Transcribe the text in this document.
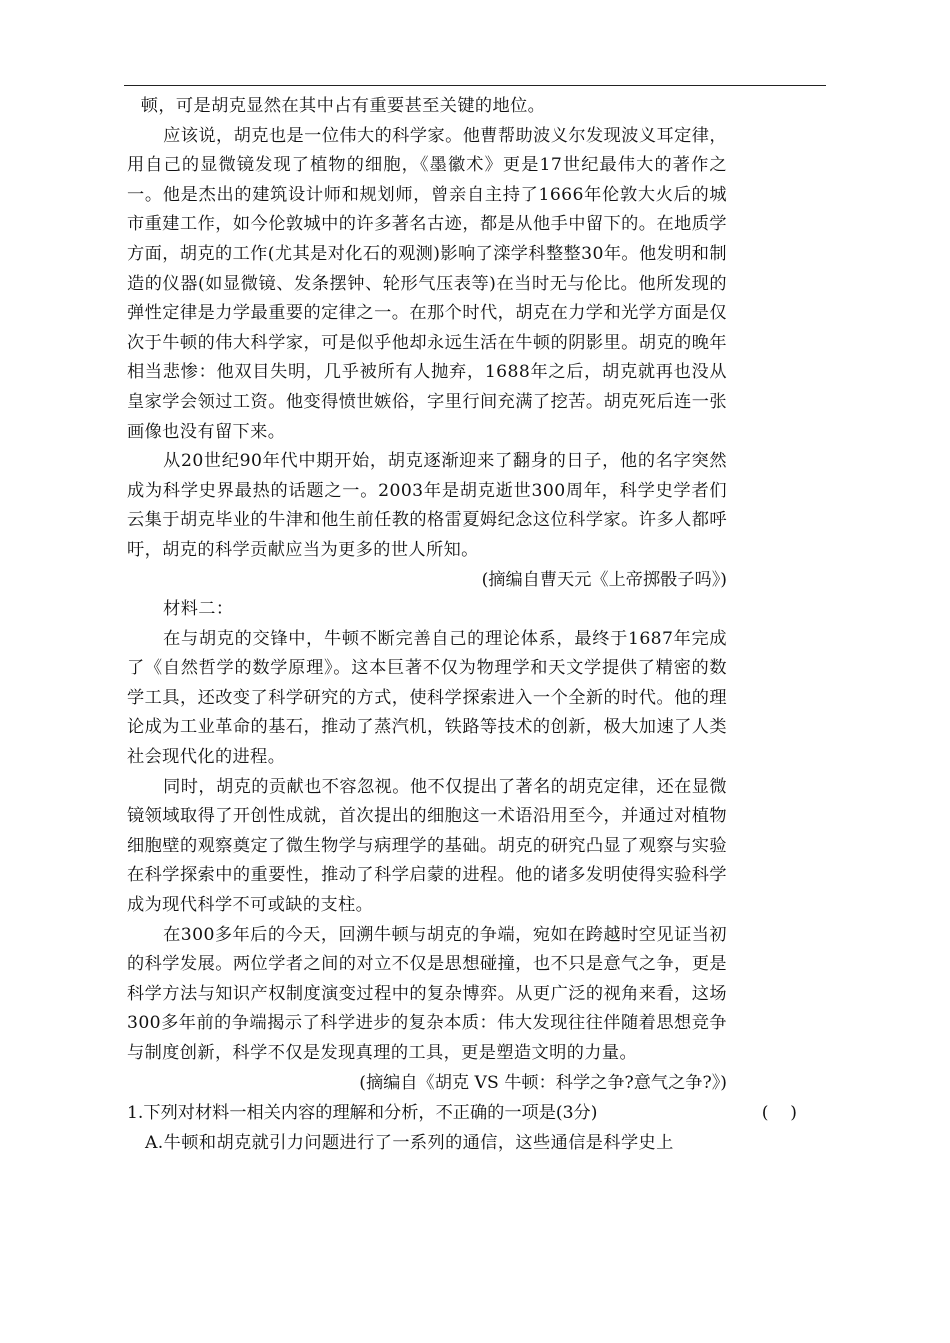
顿，可是胡克显然在其中占有重要甚至关键的地位。

应该说，胡克也是一位伟大的科学家。他曹帮助波义尔发现波义耳定律，用自己的显微镜发现了植物的细胞，《墨徽术》更是17世纪最伟大的著作之一。他是杰出的建筑设计师和规划师，曾亲自主持了1666年伦敦大火后的城市重建工作，如今伦敦城中的许多著名古迹，都是从他手中留下的。在地质学方面，胡克的工作(尤其是对化石的观测)影响了滦学科整整30年。他发明和制造的仪器(如显微镜、发条摆钟、轮形气压表等)在当时无与伦比。他所发现的弹性定律是力学最重要的定律之一。在那个时代，胡克在力学和光学方面是仅次于牛顿的伟大科学家，可是似乎他却永远生活在牛顿的阴影里。胡克的晚年相当悲惨：他双目失明，几乎被所有人抛弃，1688年之后，胡克就再也没从皇家学会领过工资。他变得愤世嫉俗，字里行间充满了挖苦。胡克死后连一张画像也没有留下来。

从20世纪90年代中期开始，胡克逐渐迎来了翻身的日子，他的名字突然成为科学史界最热的话题之一。2003年是胡克逝世300周年，科学史学者们云集于胡克毕业的牛津和他生前任教的格雷夏姆纪念这位科学家。许多人都呼吁，胡克的科学贡献应当为更多的世人所知。

(摘编自曹天元《上帝掷骰子吗》)

材料二：

在与胡克的交锋中，牛顿不断完善自己的理论体系，最终于1687年完成了《自然哲学的数学原理》。这本巨著不仅为物理学和天文学提供了精密的数学工具，还改变了科学研究的方式，使科学探索进入一个全新的时代。他的理论成为工业革命的基石，推动了蒸汽机，铁路等技术的创新，极大加速了人类社会现代化的进程。

同时，胡克的贡献也不容忽视。他不仅提出了著名的胡克定律，还在显微镜领域取得了开创性成就，首次提出的细胞这一术语沿用至今，并通过对植物细胞壁的观察奠定了微生物学与病理学的基础。胡克的研究凸显了观察与实验在科学探索中的重要性，推动了科学启蒙的进程。他的诸多发明使得实验科学成为现代科学不可或缺的支柱。

在300多年后的今天，回溯牛顿与胡克的争端，宛如在跨越时空见证当初的科学发展。两位学者之间的对立不仅是思想碰撞，也不只是意气之争，更是科学方法与知识产权制度演变过程中的复杂博弈。从更广泛的视角来看，这场300多年前的争端揭示了科学进步的复杂本质：伟大发现往往伴随着思想竞争与制度创新，科学不仅是发现真理的工具，更是塑造文明的力量。

(摘编自《胡克 VS 牛顿：科学之争?意气之争?》)

1.下列对材料一相关内容的理解和分析，不正确的一项是(3分)	(    )

A.牛顿和胡克就引力问题进行了一系列的通信，这些通信是科学史上
